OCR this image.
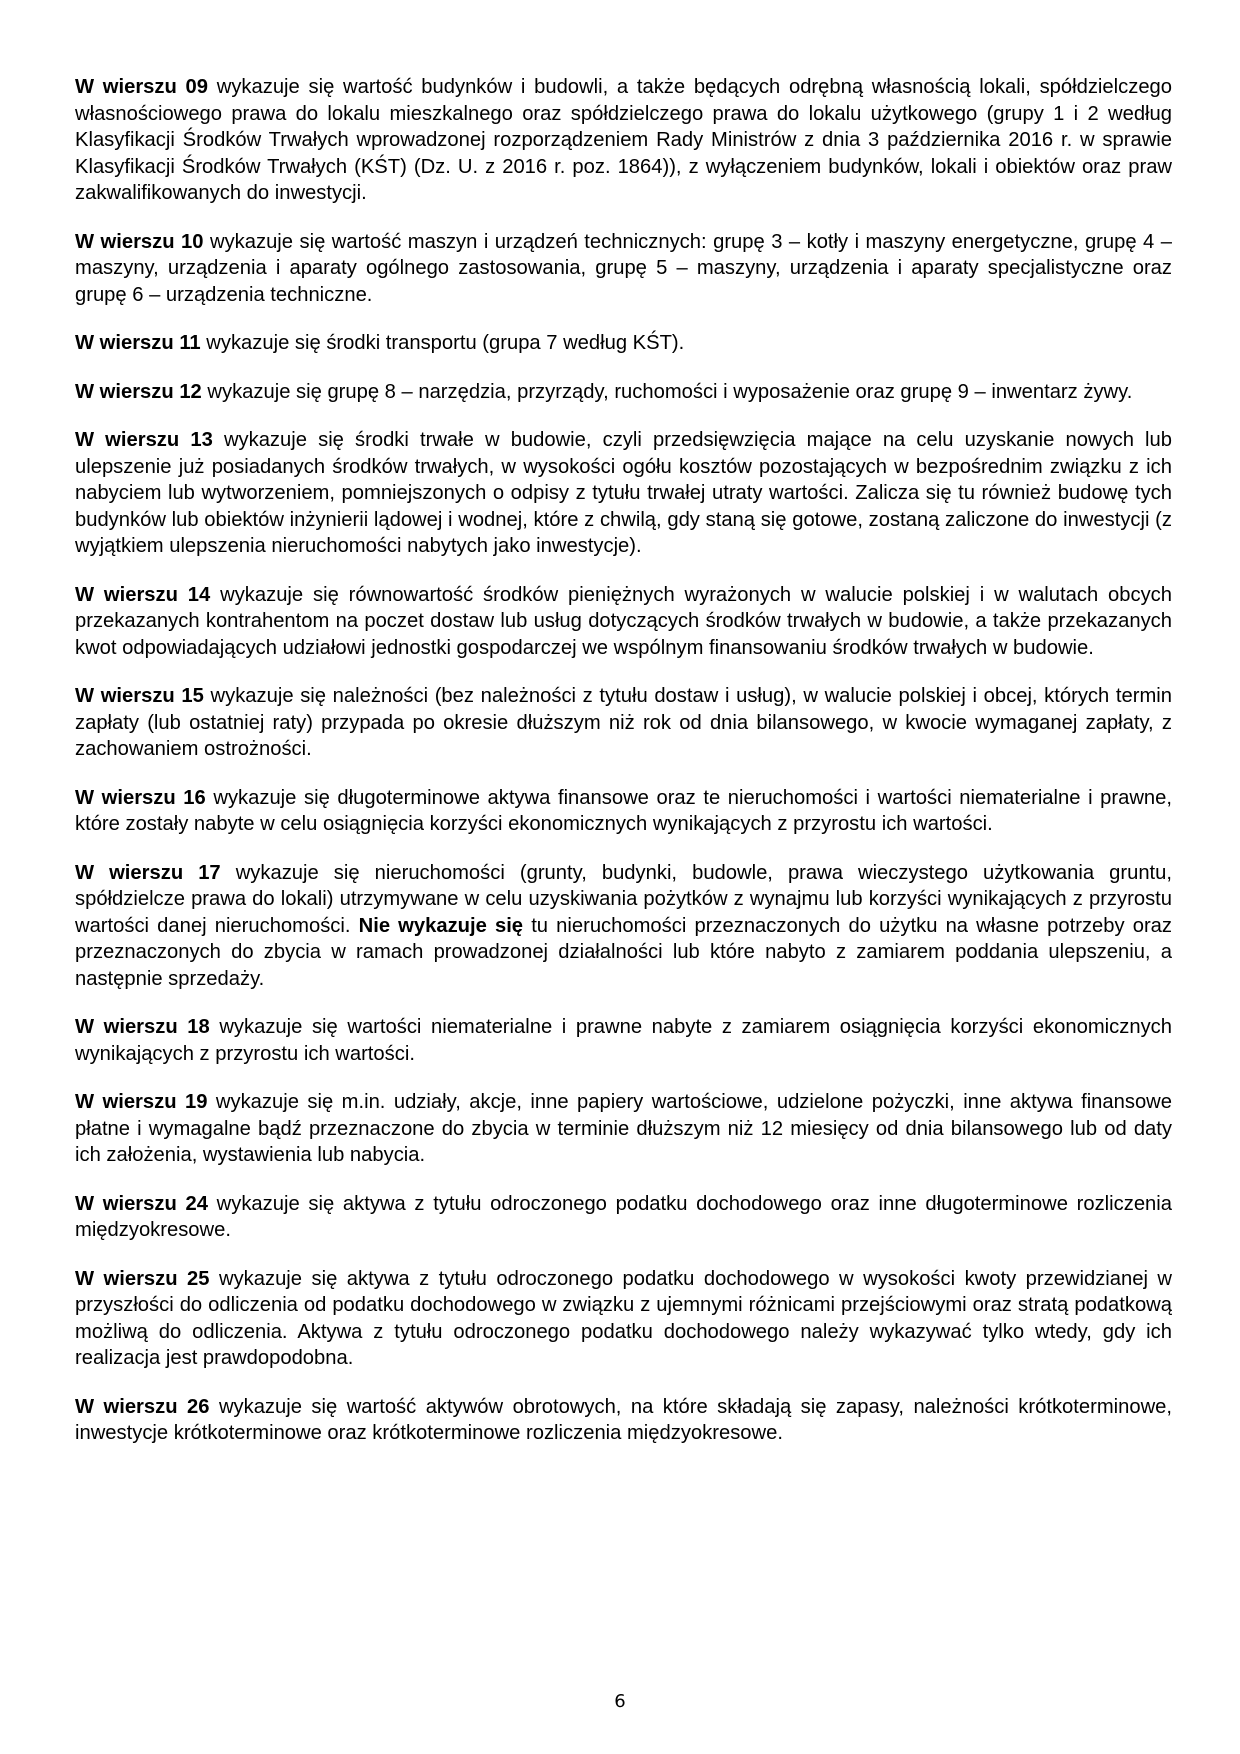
W wierszu 09 wykazuje się wartość budynków i budowli, a także będących odrębną własnością lokali, spółdzielczego własnościowego prawa do lokalu mieszkalnego oraz spółdzielczego prawa do lokalu użytkowego (grupy 1 i 2 według Klasyfikacji Środków Trwałych wprowadzonej rozporządzeniem Rady Ministrów z dnia 3 października 2016 r. w sprawie Klasyfikacji Środków Trwałych (KŚT) (Dz. U. z 2016 r. poz. 1864)), z wyłączeniem budynków, lokali i obiektów oraz praw zakwalifikowanych do inwestycji.

W wierszu 10 wykazuje się wartość maszyn i urządzeń technicznych: grupę 3 – kotły i maszyny energetyczne, grupę 4 – maszyny, urządzenia i aparaty ogólnego zastosowania, grupę 5 – maszyny, urządzenia i aparaty specjalistyczne oraz grupę 6 – urządzenia techniczne.

W wierszu 11 wykazuje się środki transportu (grupa 7 według KŚT).

W wierszu 12 wykazuje się grupę 8 – narzędzia, przyrządy, ruchomości i wyposażenie oraz grupę 9 – inwentarz żywy.

W wierszu 13 wykazuje się środki trwałe w budowie, czyli przedsięwzięcia mające na celu uzyskanie nowych lub ulepszenie już posiadanych środków trwałych, w wysokości ogółu kosztów pozostających w bezpośrednim związku z ich nabyciem lub wytworzeniem, pomniejszonych o odpisy z tytułu trwałej utraty wartości. Zalicza się tu również budowę tych budynków lub obiektów inżynierii lądowej i wodnej, które z chwilą, gdy staną się gotowe, zostaną zaliczone do inwestycji (z wyjątkiem ulepszenia nieruchomości nabytych jako inwestycje).

W wierszu 14 wykazuje się równowartość środków pieniężnych wyrażonych w walucie polskiej i w walutach obcych przekazanych kontrahentom na poczet dostaw lub usług dotyczących środków trwałych w budowie, a także przekazanych kwot odpowiadających udziałowi jednostki gospodarczej we wspólnym finansowaniu środków trwałych w budowie.

W wierszu 15 wykazuje się należności (bez należności z tytułu dostaw i usług), w walucie polskiej i obcej, których termin zapłaty (lub ostatniej raty) przypada po okresie dłuższym niż rok od dnia bilansowego, w kwocie wymaganej zapłaty, z zachowaniem ostrożności.

W wierszu 16 wykazuje się długoterminowe aktywa finansowe oraz te nieruchomości i wartości niematerialne i prawne, które zostały nabyte w celu osiągnięcia korzyści ekonomicznych wynikających z przyrostu ich wartości.

W wierszu 17 wykazuje się nieruchomości (grunty, budynki, budowle, prawa wieczystego użytkowania gruntu, spółdzielcze prawa do lokali) utrzymywane w celu uzyskiwania pożytków z wynajmu lub korzyści wynikających z przyrostu wartości danej nieruchomości. Nie wykazuje się tu nieruchomości przeznaczonych do użytku na własne potrzeby oraz przeznaczonych do zbycia w ramach prowadzonej działalności lub które nabyto z zamiarem poddania ulepszeniu, a następnie sprzedaży.

W wierszu 18 wykazuje się wartości niematerialne i prawne nabyte z zamiarem osiągnięcia korzyści ekonomicznych wynikających z przyrostu ich wartości.

W wierszu 19 wykazuje się m.in. udziały, akcje, inne papiery wartościowe, udzielone pożyczki, inne aktywa finansowe płatne i wymagalne bądź przeznaczone do zbycia w terminie dłuższym niż 12 miesięcy od dnia bilansowego lub od daty ich założenia, wystawienia lub nabycia.

W wierszu 24 wykazuje się aktywa z tytułu odroczonego podatku dochodowego oraz inne długoterminowe rozliczenia międzyokresowe.

W wierszu 25 wykazuje się aktywa z tytułu odroczonego podatku dochodowego w wysokości kwoty przewidzianej w przyszłości do odliczenia od podatku dochodowego w związku z ujemnymi różnicami przejściowymi oraz stratą podatkową możliwą do odliczenia. Aktywa z tytułu odroczonego podatku dochodowego należy wykazywać tylko wtedy, gdy ich realizacja jest prawdopodobna.

W wierszu 26 wykazuje się wartość aktywów obrotowych, na które składają się zapasy, należności krótkoterminowe, inwestycje krótkoterminowe oraz krótkoterminowe rozliczenia międzyokresowe.

6
